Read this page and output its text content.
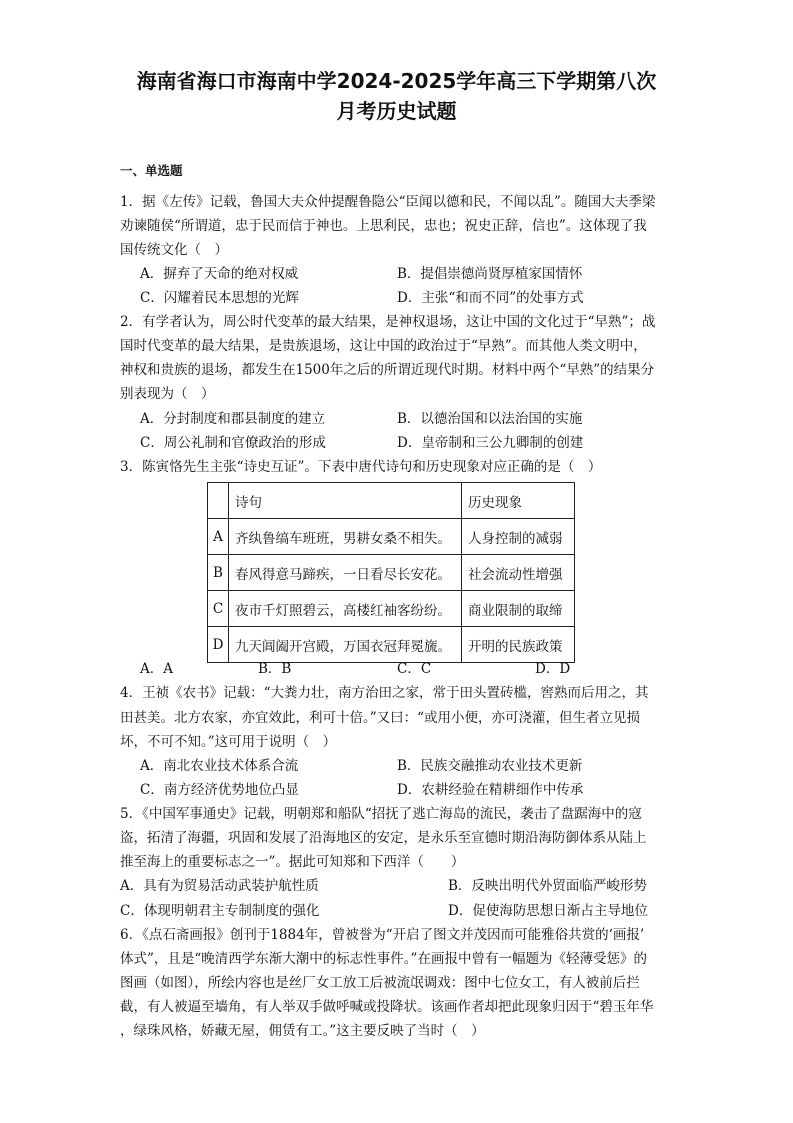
海南省海口市海南中学2024-2025学年高三下学期第八次
月考历史试题
一、单选题
1．据《左传》记载，鲁国大夫众仲提醒鲁隐公“臣闻以德和民，不闻以乱”。随国大夫季梁
劝谏随侯“所谓道，忠于民而信于神也。上思利民，忠也；祝史正辞，信也”。这体现了我
国传统文化（　）
A．摒弃了天命的绝对权威	B．提倡崇德尚贤厚植家国情怀
C．闪耀着民本思想的光辉	D．主张“和而不同”的处事方式
2．有学者认为，周公时代变革的最大结果，是神权退场，这让中国的文化过于“早熟”；战
国时代变革的最大结果，是贵族退场，这让中国的政治过于“早熟”。而其他人类文明中，
神权和贵族的退场，都发生在1500年之后的所谓近现代时期。材料中两个“早熟”的结果分
别表现为（　）
A．分封制度和郡县制度的建立	B．以德治国和以法治国的实施
C．周公礼制和官僚政治的形成	D．皇帝制和三公九卿制的创建
3．陈寅恪先生主张“诗史互证”。下表中唐代诗句和历史现象对应正确的是（　）
	诗句	历史现象
A	齐纨鲁缟车班班，男耕女桑不相失。	人身控制的减弱
B	春风得意马蹄疾，一日看尽长安花。	社会流动性增强
C	夜市千灯照碧云，高楼红袖客纷纷。	商业限制的取缔
D	九天阊阖开宫殿，万国衣冠拜冕旒。	开明的民族政策
A．A	B．B	C．C	D．D
4．王祯《农书》记载：“大粪力壮，南方治田之家，常于田头置砖槛，窖熟而后用之，其
田甚美。北方农家，亦宜效此，利可十倍。”又曰：“或用小便，亦可浇灌，但生者立见损
坏，不可不知。”这可用于说明（　）
A．南北农业技术体系合流	B．民族交融推动农业技术更新
C．南方经济优势地位凸显	D．农耕经验在精耕细作中传承
5．《中国军事通史》记载，明朝郑和船队“招抚了逃亡海岛的流民，袭击了盘踞海中的寇
盗，拓清了海疆，巩固和发展了沿海地区的安定，是永乐至宣德时期沿海防御体系从陆上
推至海上的重要标志之一”。据此可知郑和下西洋（　　）
A．具有为贸易活动武装护航性质	B．反映出明代外贸面临严峻形势
C．体现明朝君主专制制度的强化	D．促使海防思想日渐占主导地位
6．《点石斋画报》创刊于1884年，曾被誉为“开启了图文并茂因而可能雅俗共赏的‘画报’
体式”，且是“晚清西学东渐大潮中的标志性事件。”在画报中曾有一幅题为《轻薄受惩》的
图画（如图），所绘内容也是丝厂女工放工后被流氓调戏：图中七位女工，有人被前后拦
截，有人被逼至墙角，有人举双手做呼喊或投降状。该画作者却把此现象归因于“碧玉年华
，绿珠风格，娇藏无屋，佣赁有工。”这主要反映了当时（　）
